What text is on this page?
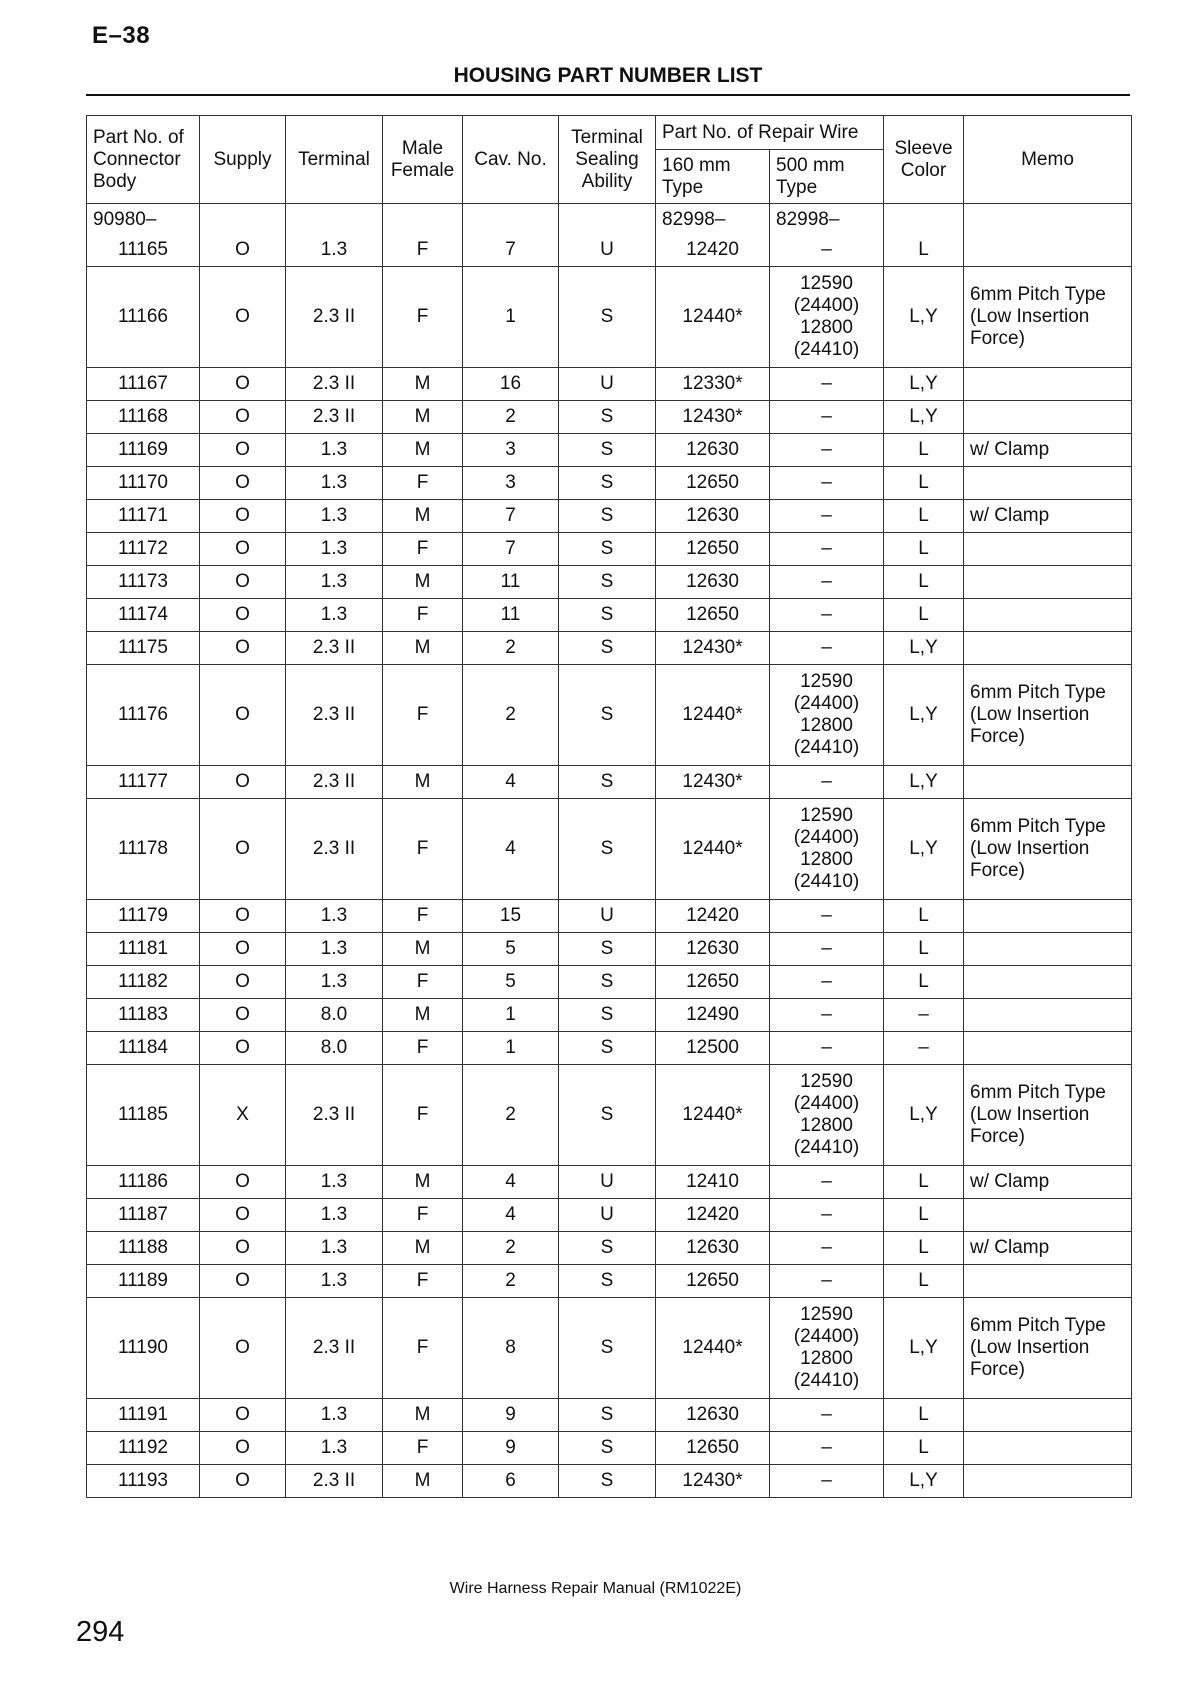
E–38
HOUSING PART NUMBER LIST
Part No. of Connector Body	Supply	Terminal	Male Female	Cav. No.	Terminal Sealing Ability	Part No. of Repair Wire		Sleeve Color	Memo
						160 mm Type	500 mm Type		
90980–						82998–	82998–		
11165	O	1.3	F	7	U	12420	–	L	
11166	O	2.3 II	F	1	S	12440*	12590 (24400) 12800 (24410)	L,Y	6mm Pitch Type (Low Insertion Force)
11167	O	2.3 II	M	16	U	12330*	–	L,Y	
11168	O	2.3 II	M	2	S	12430*	–	L,Y	
11169	O	1.3	M	3	S	12630	–	L	w/ Clamp
11170	O	1.3	F	3	S	12650	–	L	
11171	O	1.3	M	7	S	12630	–	L	w/ Clamp
11172	O	1.3	F	7	S	12650	–	L	
11173	O	1.3	M	11	S	12630	–	L	
11174	O	1.3	F	11	S	12650	–	L	
11175	O	2.3 II	M	2	S	12430*	–	L,Y	
11176	O	2.3 II	F	2	S	12440*	12590 (24400) 12800 (24410)	L,Y	6mm Pitch Type (Low Insertion Force)
11177	O	2.3 II	M	4	S	12430*	–	L,Y	
11178	O	2.3 II	F	4	S	12440*	12590 (24400) 12800 (24410)	L,Y	6mm Pitch Type (Low Insertion Force)
11179	O	1.3	F	15	U	12420	–	L	
11181	O	1.3	M	5	S	12630	–	L	
11182	O	1.3	F	5	S	12650	–	L	
11183	O	8.0	M	1	S	12490	–	–	
11184	O	8.0	F	1	S	12500	–	–	
11185	X	2.3 II	F	2	S	12440*	12590 (24400) 12800 (24410)	L,Y	6mm Pitch Type (Low Insertion Force)
11186	O	1.3	M	4	U	12410	–	L	w/ Clamp
11187	O	1.3	F	4	U	12420	–	L	
11188	O	1.3	M	2	S	12630	–	L	w/ Clamp
11189	O	1.3	F	2	S	12650	–	L	
11190	O	2.3 II	F	8	S	12440*	12590 (24400) 12800 (24410)	L,Y	6mm Pitch Type (Low Insertion Force)
11191	O	1.3	M	9	S	12630	–	L	
11192	O	1.3	F	9	S	12650	–	L	
11193	O	2.3 II	M	6	S	12430*	–	L,Y	
Wire Harness Repair Manual (RM1022E)
294
